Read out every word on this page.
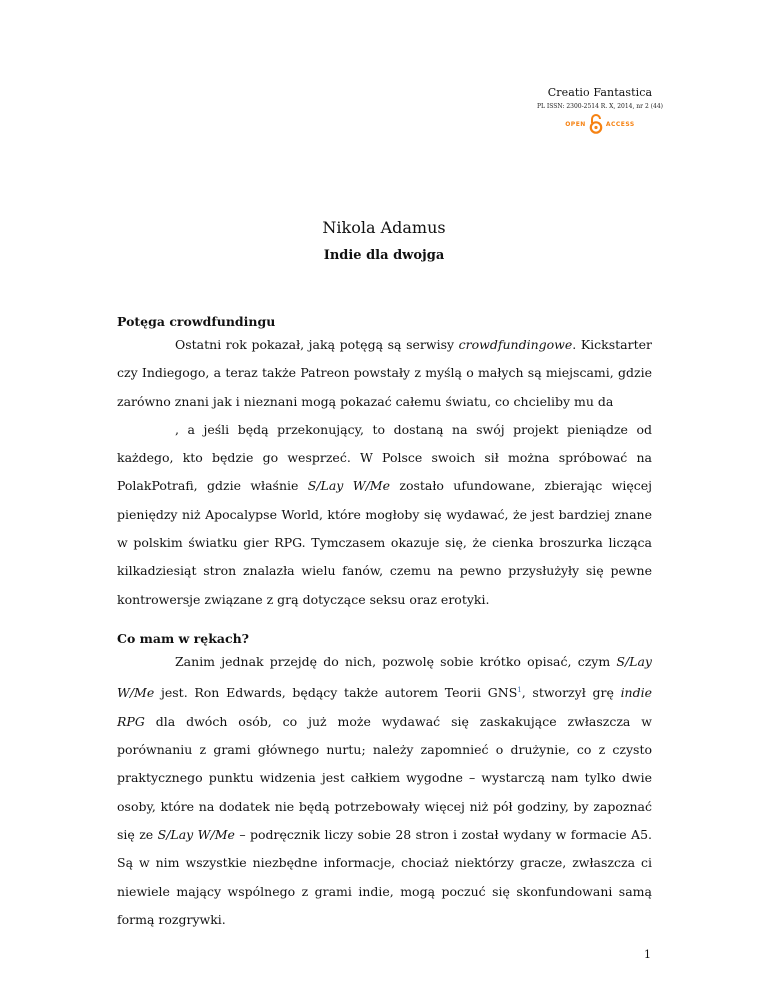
Creatio Fantastica
PL ISSN: 2300-2514 R. X, 2014, nr 2 (44)
OPEN	ACCESS
Nikola Adamus
Indie dla dwojga

Potęga crowdfundingu

Ostatni rok pokazał, jaką potęgą są serwisy crowdfundingowe. Kickstarter czy Indiegogo, a teraz także Patreon powstały z myślą o małych są miejscami, gdzie zarówno znani jak i nieznani mogą pokazać całemu światu, co chcieliby mu da

, a jeśli będą przekonujący, to dostaną na swój projekt pieniądze od każdego, kto będzie go wesprzeć. W Polsce swoich sił można spróbować na PolakPotrafi, gdzie właśnie S/Lay W/Me zostało ufundowane, zbierając więcej pieniędzy niż Apocalypse World, które mogłoby się wydawać, że jest bardziej znane w polskim światku gier RPG. Tymczasem okazuje się, że cienka broszurka licząca kilkadziesiąt stron znalazła wielu fanów, czemu na pewno przysłużyły się pewne kontrowersje związane z grą dotyczące seksu oraz erotyki.

Co mam w rękach?

Zanim jednak przejdę do nich, pozwolę sobie krótko opisać, czym S/Lay W/Me jest. Ron Edwards, będący także autorem Teorii GNS$^1$, stworzył grę indie RPG dla dwóch osób, co już może wydawać się zaskakujące zwłaszcza w porównaniu z grami głównego nurtu; należy zapomnieć o drużynie, co z czysto praktycznego punktu widzenia jest całkiem wygodne – wystarczą nam tylko dwie osoby, które na dodatek nie będą potrzebowały więcej niż pół godziny, by zapoznać się ze S/Lay W/Me – podręcznik liczy sobie 28 stron i został wydany w formacie A5. Są w nim wszystkie niezbędne informacje, chociaż niektórzy gracze, zwłaszcza ci niewiele mający wspólnego z grami indie, mogą poczuć się skonfundowani samą formą rozgrywki.

1
